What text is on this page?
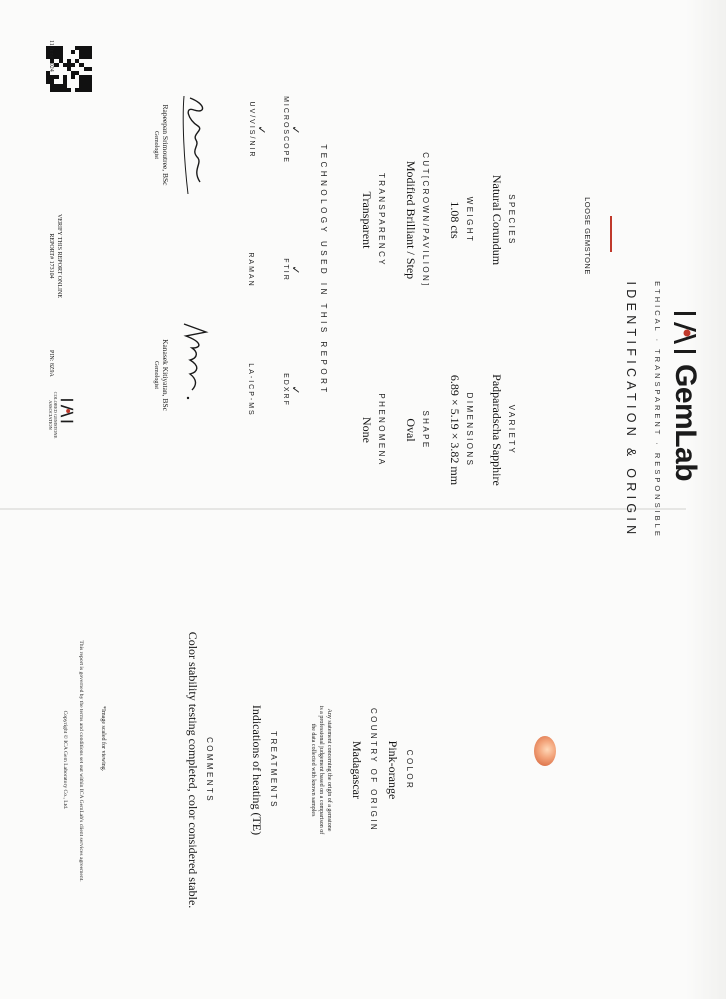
GemLab
ETHICAL · TRANSPARENT · RESPONSIBLE
IDENTIFICATION & ORIGIN
LOOSE GEMSTONE
SPECIES
Natural Corundum
VARIETY
Padparadscha Sapphire
WEIGHT
1.08 cts
DIMENSIONS
6.89 × 5.19 × 3.82 mm
CUT[CROWN/PAVILION]
Modified Brilliant / Step
SHAPE
Oval
TRANSPARENCY
Transparent
PHENOMENA
None
TECHNOLOGY USED IN THIS REPORT
✓
MICROSCOPE
✓
FTIR
✓
EDXRF
✓
UV/VIS/NIR
RAMAN
LA-ICP-MS
Rapeepan Srimoutree, BSc
Gemologist
Kanasek Kitiyatan, BSc
Gemologist
11 June 2024
VERIFY THIS REPORT ONLINE
REPORT# 173104
PIN: 8Z9A
COLORED GEMSTONE ASSOCIATION
COLOR
Pink-orange
COUNTRY OF ORIGIN
Madagascar
Any statement concerning the origin of a gemstone
is a professional judgement based on a comparison of
the data collected with known samples
TREATMENTS
Indications of heating (TE)
COMMENTS
Color stability testing completed, color considered stable.
*Image scaled for viewing.
This report is governed by the terms and conditions set out within ICA GemLab's client services agreement.
Copyright © ICA Gem Laboratory Co., Ltd.
